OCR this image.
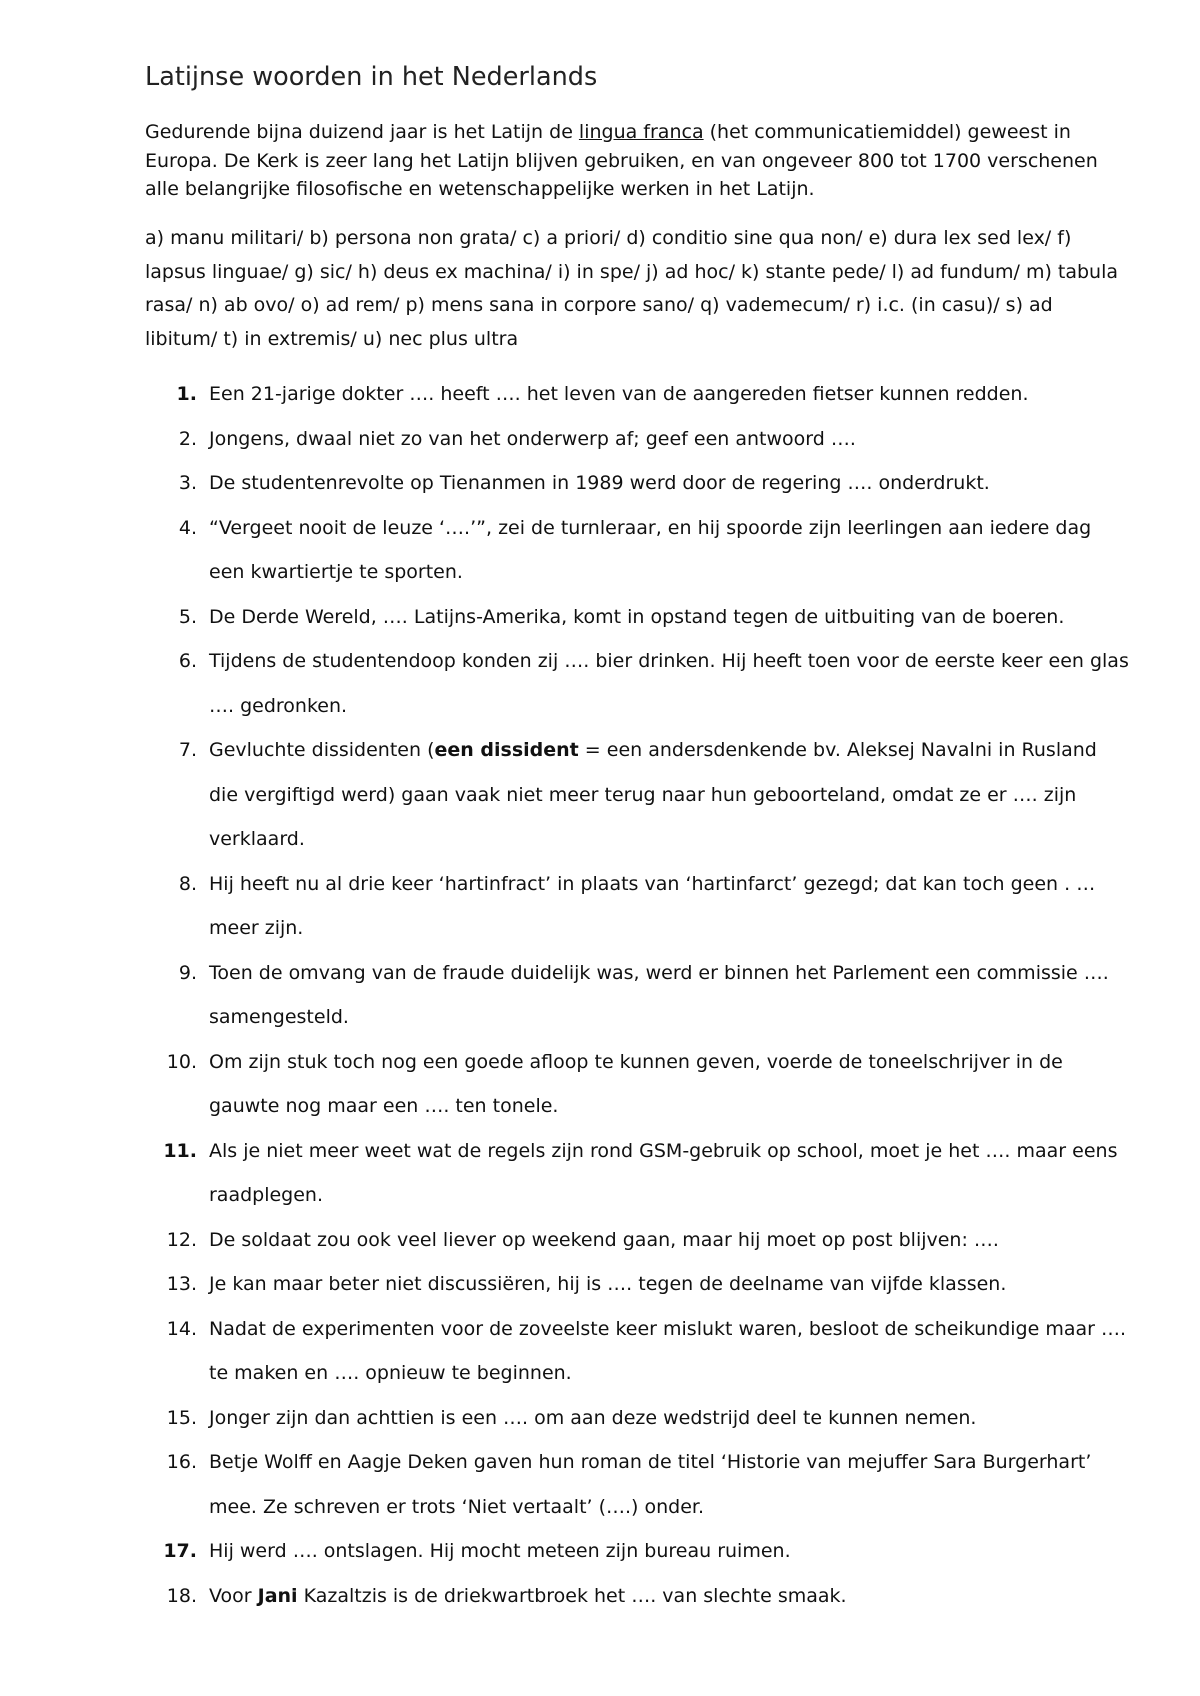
Latijnse woorden in het Nederlands

Gedurende bijna duizend jaar is het Latijn de lingua franca (het communicatiemiddel) geweest in Europa. De Kerk is zeer lang het Latijn blijven gebruiken, en van ongeveer 800 tot 1700 verschenen alle belangrijke filosofische en wetenschappelijke werken in het Latijn.

a) manu militari/ b) persona non grata/ c) a priori/ d) conditio sine qua non/ e) dura lex sed lex/ f) lapsus linguae/ g) sic/ h) deus ex machina/ i) in spe/ j) ad hoc/ k) stante pede/ l) ad fundum/ m) tabula rasa/ n) ab ovo/ o) ad rem/ p) mens sana in corpore sano/ q) vademecum/ r) i.c. (in casu)/ s) ad libitum/ t) in extremis/ u) nec plus ultra

1. Een 21-jarige dokter …. heeft …. het leven van de aangereden fietser kunnen redden.
2. Jongens, dwaal niet zo van het onderwerp af; geef een antwoord ….
3. De studentenrevolte op Tienanmen in 1989 werd door de regering …. onderdrukt.
4. “Vergeet nooit de leuze ‘….’”, zei de turnleraar, en hij spoorde zijn leerlingen aan iedere dag een kwartiertje te sporten.
5. De Derde Wereld, …. Latijns-Amerika, komt in opstand tegen de uitbuiting van de boeren.
6. Tijdens de studentendoop konden zij …. bier drinken. Hij heeft toen voor de eerste keer een glas …. gedronken.
7. Gevluchte dissidenten (een dissident = een andersdenkende bv. Aleksej Navalni in Rusland die vergiftigd werd) gaan vaak niet meer terug naar hun geboorteland, omdat ze er …. zijn verklaard.
8. Hij heeft nu al drie keer ‘hartinfract’ in plaats van ‘hartinfarct’ gezegd; dat kan toch geen . … meer zijn.
9. Toen de omvang van de fraude duidelijk was, werd er binnen het Parlement een commissie …. samengesteld.
10. Om zijn stuk toch nog een goede afloop te kunnen geven, voerde de toneelschrijver in de gauwte nog maar een …. ten tonele.
11. Als je niet meer weet wat de regels zijn rond GSM-gebruik op school, moet je het …. maar eens raadplegen.
12. De soldaat zou ook veel liever op weekend gaan, maar hij moet op post blijven: ….
13. Je kan maar beter niet discussiëren, hij is …. tegen de deelname van vijfde klassen.
14. Nadat de experimenten voor de zoveelste keer mislukt waren, besloot de scheikundige maar …. te maken en …. opnieuw te beginnen.
15. Jonger zijn dan achttien is een …. om aan deze wedstrijd deel te kunnen nemen.
16. Betje Wolff en Aagje Deken gaven hun roman de titel ‘Historie van mejuffer Sara Burgerhart’ mee. Ze schreven er trots ‘Niet vertaalt’ (….) onder.
17. Hij werd …. ontslagen. Hij mocht meteen zijn bureau ruimen.
18. Voor Jani Kazaltzis is de driekwartbroek het …. van slechte smaak.
